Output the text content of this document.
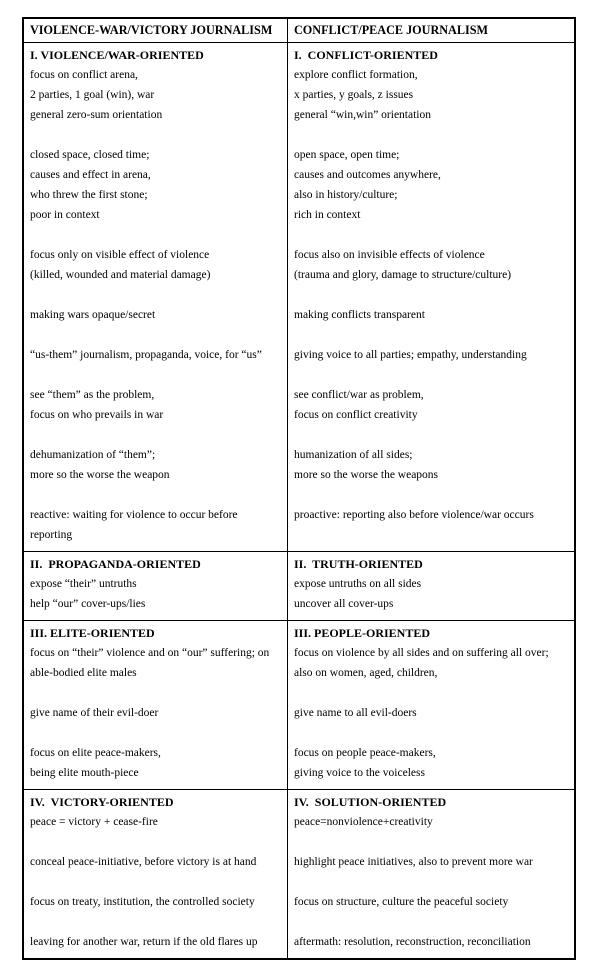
VIOLENCE-WAR/VICTORY JOURNALISM	CONFLICT/PEACE JOURNALISM
I. VIOLENCE/WAR-ORIENTED
focus on conflict arena,
2 parties, 1 goal (win), war
general zero-sum orientation
closed space, closed time;
causes and effect in arena,
who threw the first stone;
poor in context
focus only on visible effect of violence
(killed, wounded and material damage)
making wars opaque/secret
“us-them” journalism, propaganda, voice, for “us”
see “them” as the problem,
focus on who prevails in war
dehumanization of “them”;
more so the worse the weapon
reactive: waiting for violence to occur before reporting
I.  CONFLICT-ORIENTED
explore conflict formation,
x parties, y goals, z issues
general “win,win” orientation
open space, open time;
causes and outcomes anywhere,
also in history/culture;
rich in context
focus also on invisible effects of violence
(trauma and glory, damage to structure/culture)
making conflicts transparent
giving voice to all parties; empathy, understanding
see conflict/war as problem,
focus on conflict creativity
humanization of all sides;
more so the worse the weapons
proactive: reporting also before violence/war occurs
II.  PROPAGANDA-ORIENTED
expose “their” untruths
help “our” cover-ups/lies
II.  TRUTH-ORIENTED
expose untruths on all sides
uncover all cover-ups
III. ELITE-ORIENTED
focus on “their” violence and on “our” suffering; on
able-bodied elite males
give name of their evil-doer
focus on elite peace-makers,
being elite mouth-piece
III. PEOPLE-ORIENTED
focus on violence by all sides and on suffering all over;
also on women, aged, children,
give name to all evil-doers
focus on people peace-makers,
giving voice to the voiceless
IV.  VICTORY-ORIENTED
peace = victory + cease-fire
conceal peace-initiative, before victory is at hand
focus on treaty, institution, the controlled society
leaving for another war, return if the old flares up
IV.  SOLUTION-ORIENTED
peace=nonviolence+creativity
highlight peace initiatives, also to prevent more war
focus on structure, culture the peaceful society
aftermath: resolution, reconstruction, reconciliation
